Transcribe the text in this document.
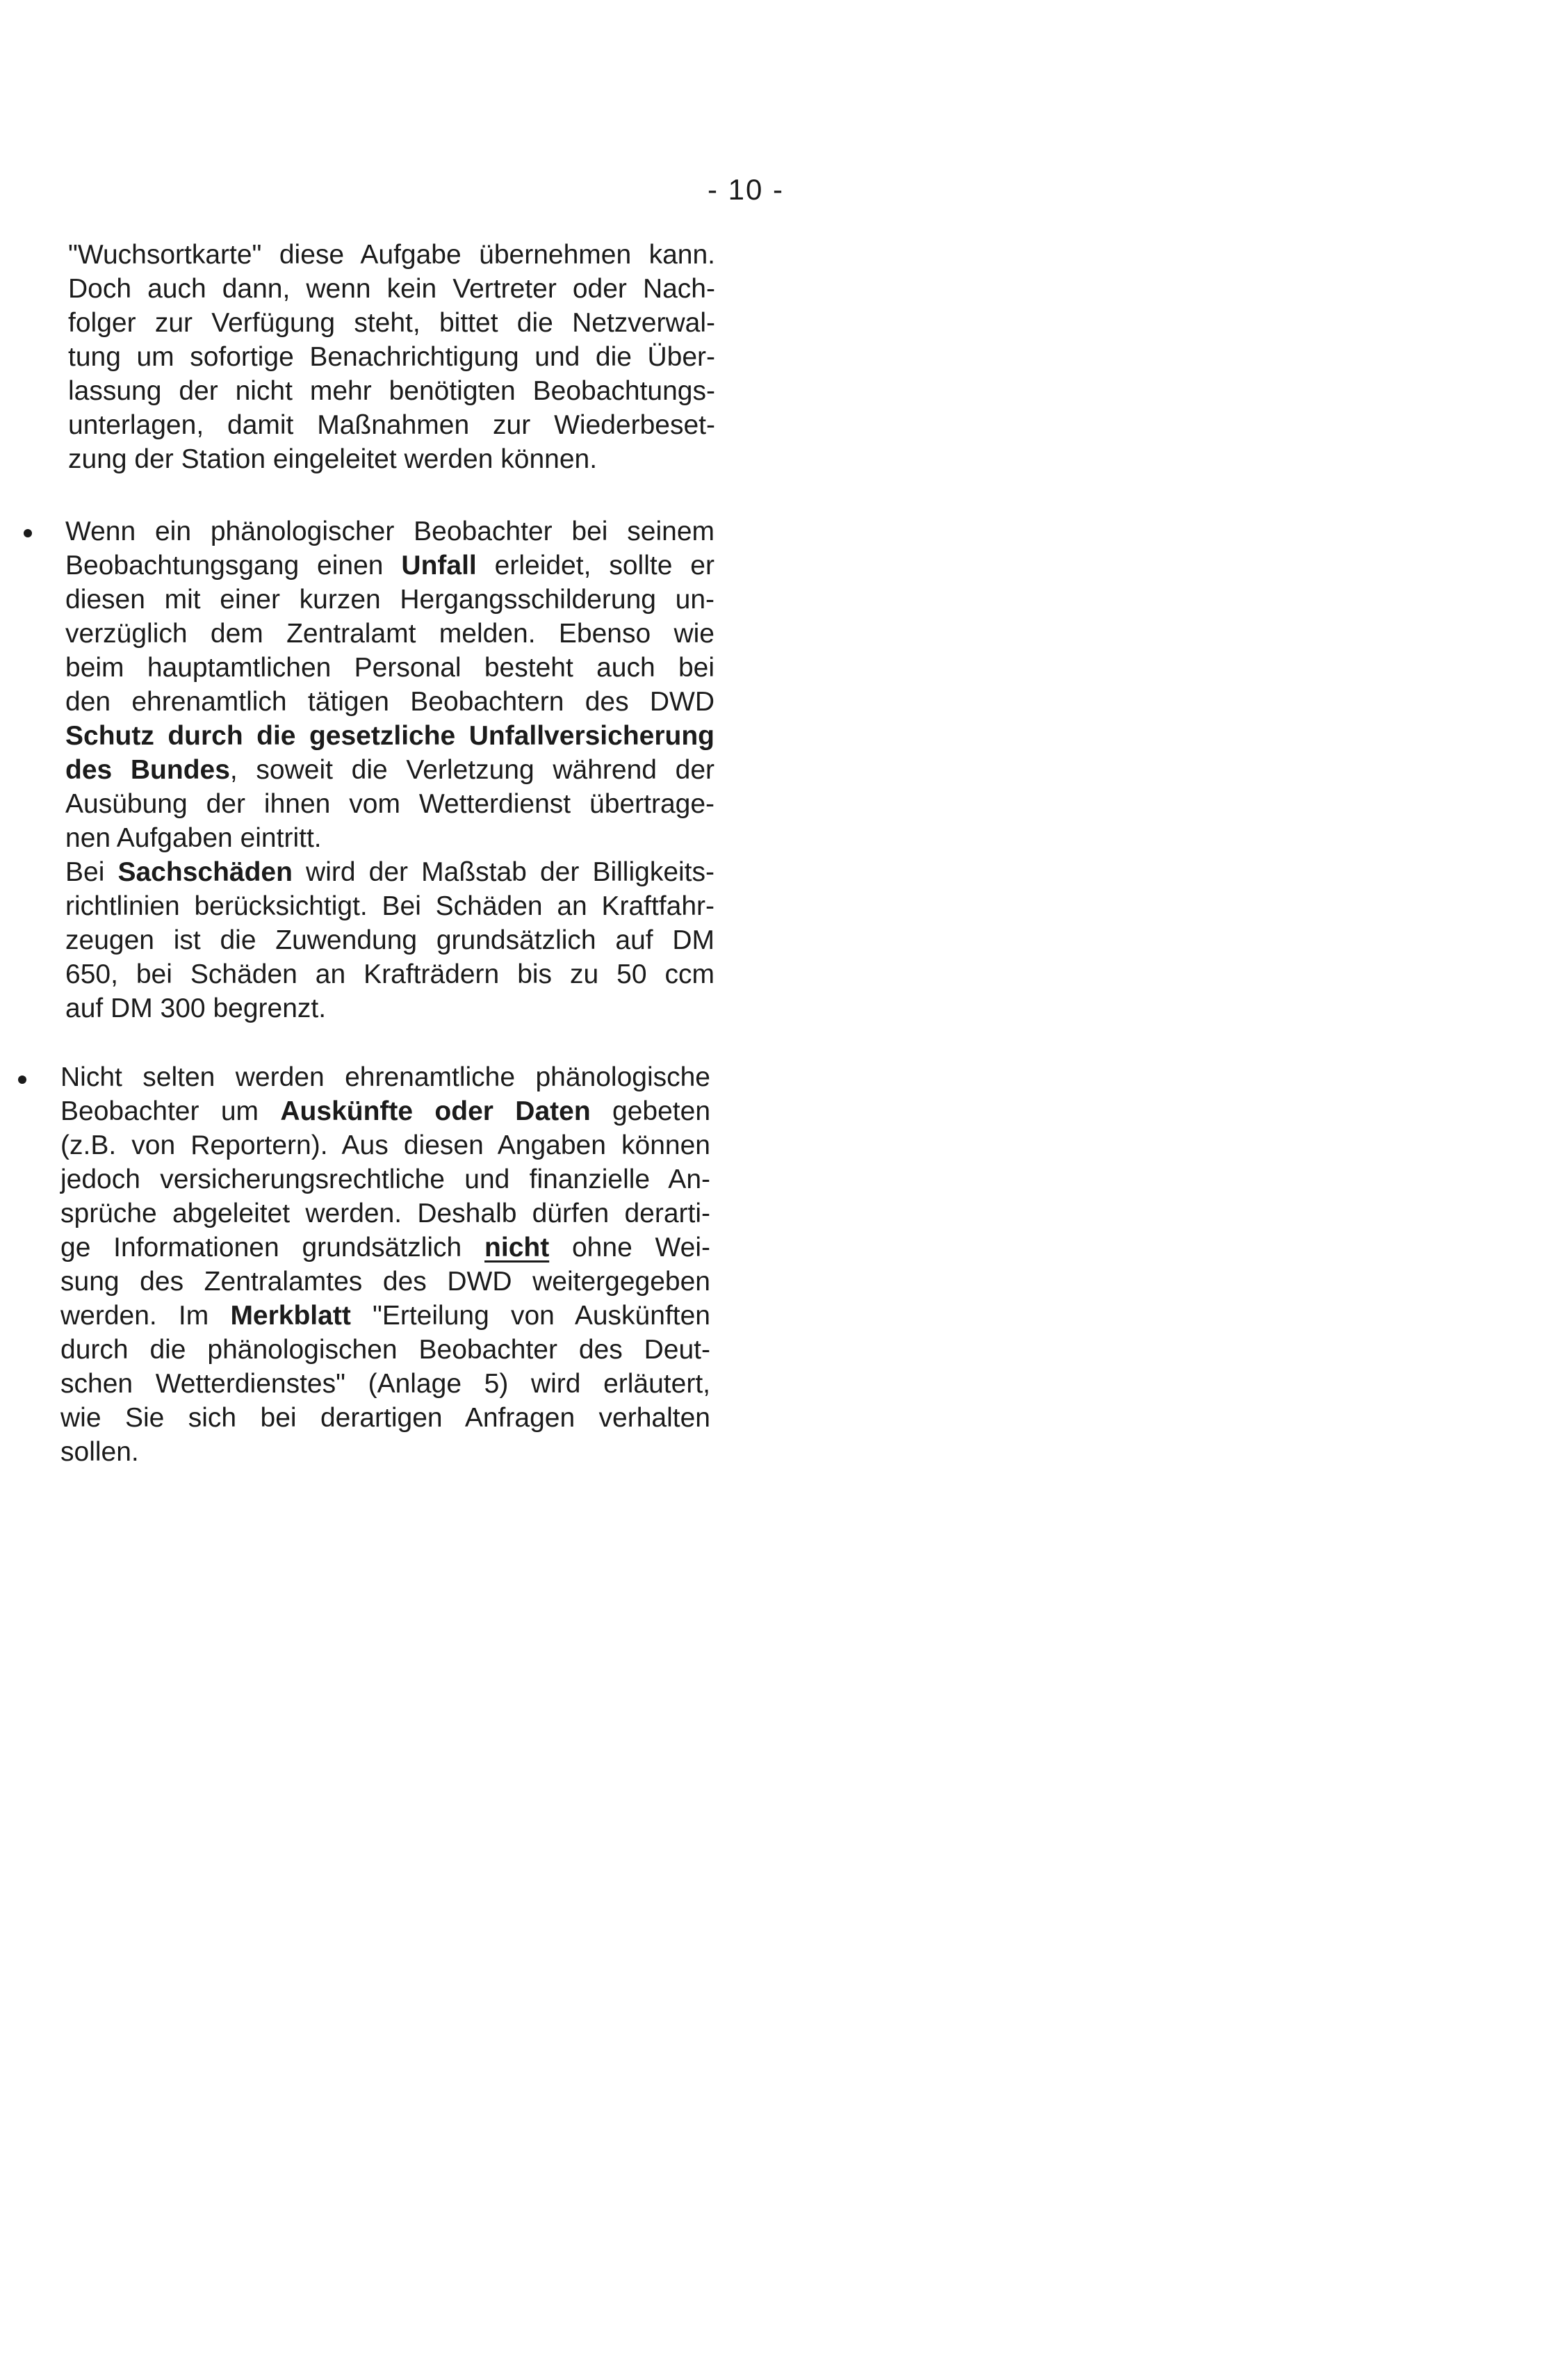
- 10 -
"Wuchsortkarte" diese Aufgabe übernehmen kann.
Doch auch dann, wenn kein Vertreter oder Nach-
folger zur Verfügung steht, bittet die Netzverwal-
tung um sofortige Benachrichtigung und die Über-
lassung der nicht mehr benötigten Beobachtungs-
unterlagen, damit Maßnahmen zur Wiederbeset-
zung der Station eingeleitet werden können.
Wenn ein phänologischer Beobachter bei seinem
Beobachtungsgang einen Unfall erleidet, sollte er
diesen mit einer kurzen Hergangsschilderung un-
verzüglich dem Zentralamt melden. Ebenso wie
beim hauptamtlichen Personal besteht auch bei
den ehrenamtlich tätigen Beobachtern des DWD
Schutz durch die gesetzliche Unfallversicherung
des Bundes, soweit die Verletzung während der
Ausübung der ihnen vom Wetterdienst übertrage-
nen Aufgaben eintritt.
Bei Sachschäden wird der Maßstab der Billigkeits-
richtlinien berücksichtigt. Bei Schäden an Kraftfahr-
zeugen ist die Zuwendung grundsätzlich auf DM
650, bei Schäden an Krafträdern bis zu 50 ccm
auf DM 300 begrenzt.
Nicht selten werden ehrenamtliche phänologische
Beobachter um Auskünfte oder Daten gebeten
(z.B. von Reportern). Aus diesen Angaben können
jedoch versicherungsrechtliche und finanzielle An-
sprüche abgeleitet werden. Deshalb dürfen derarti-
ge Informationen grundsätzlich nicht ohne Wei-
sung des Zentralamtes des DWD weitergegeben
werden. Im Merkblatt "Erteilung von Auskünften
durch die phänologischen Beobachter des Deut-
schen Wetterdienstes" (Anlage 5) wird erläutert,
wie Sie sich bei derartigen Anfragen verhalten
sollen.
